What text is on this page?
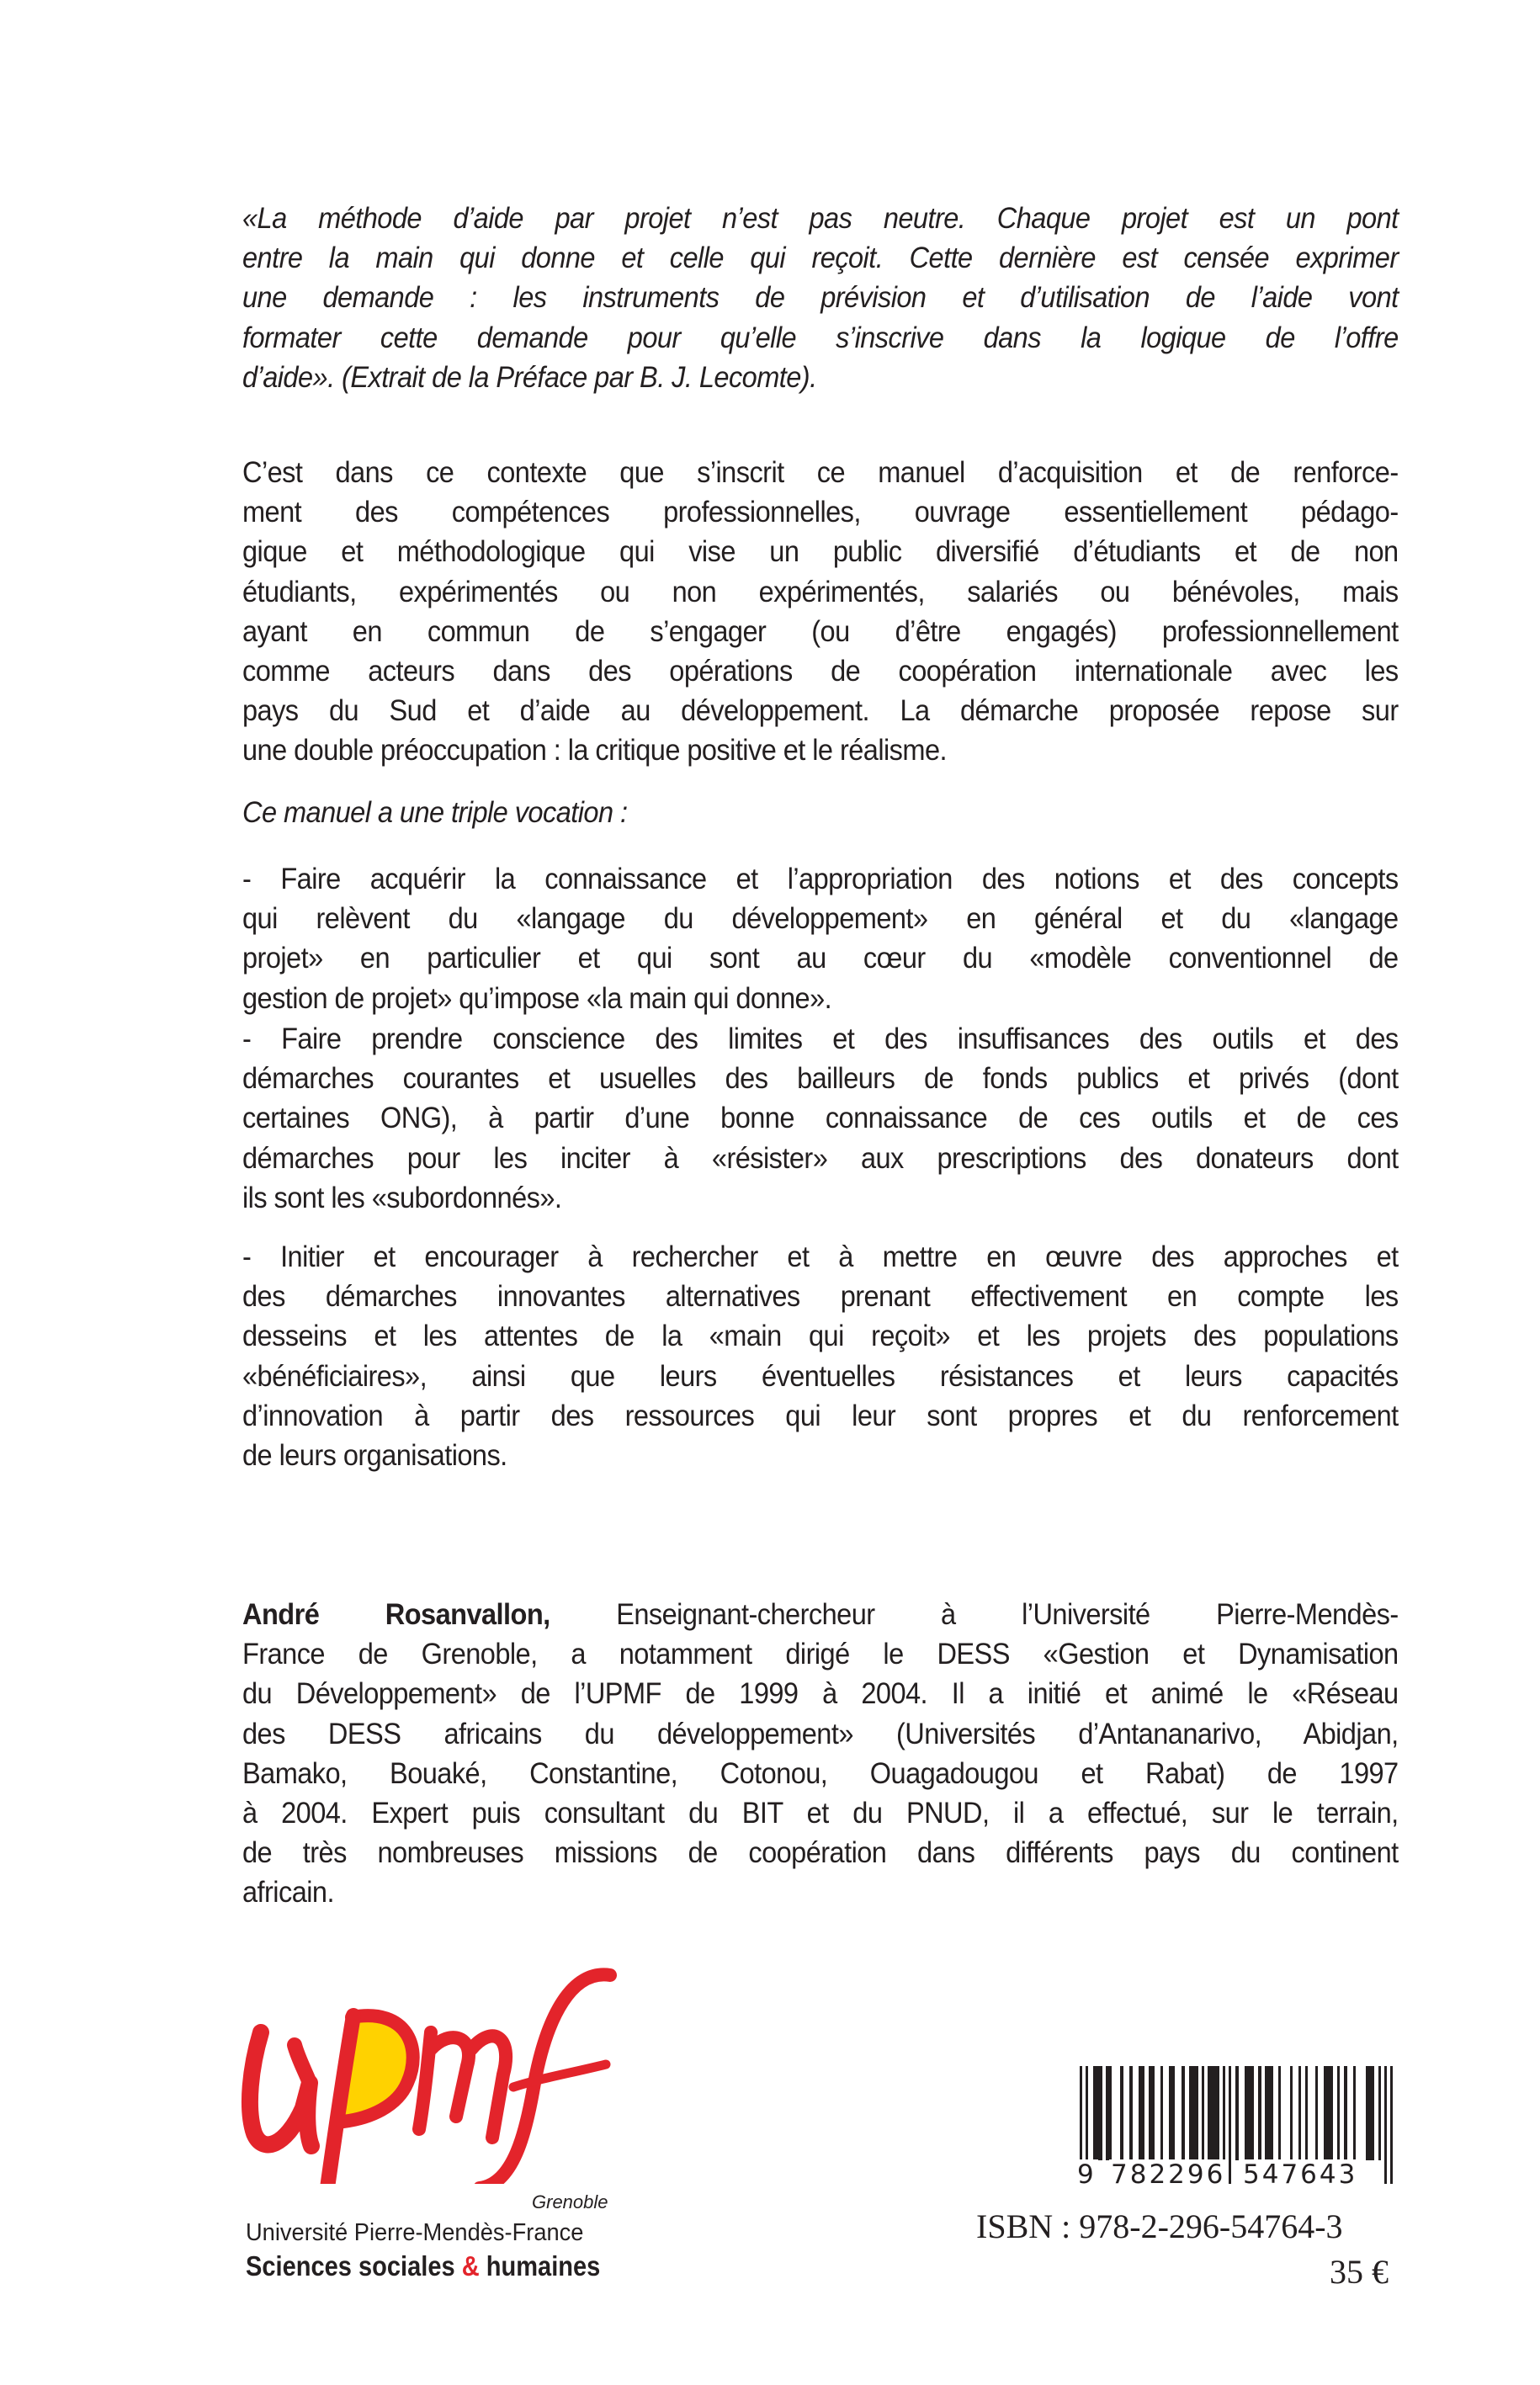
«La méthode d’aide par projet n’est pas neutre. Chaque projet est un pont
entre la main qui donne et celle qui reçoit. Cette dernière est censée exprimer
une demande : les instruments de prévision et d’utilisation de l’aide vont
formater cette demande pour qu’elle s’inscrive dans la logique de l’offre
d’aide». (Extrait de la Préface par B. J. Lecomte).
C’est dans ce contexte que s’inscrit ce manuel d’acquisition et de renforce-
ment des compétences professionnelles, ouvrage essentiellement pédago-
gique et méthodologique qui vise un public diversifié d’étudiants et de non
étudiants, expérimentés ou non expérimentés, salariés ou bénévoles, mais
ayant en commun de s’engager (ou d’être engagés) professionnellement
comme acteurs dans des opérations de coopération internationale avec les
pays du Sud et d’aide au développement. La démarche proposée repose sur
une double préoccupation : la critique positive et le réalisme.
Ce manuel a une triple vocation :
- Faire acquérir la connaissance et l’appropriation des notions et des concepts
qui relèvent du «langage du développement» en général et du «langage
projet» en particulier et qui sont au cœur du «modèle conventionnel de
gestion de projet» qu’impose «la main qui donne».
- Faire prendre conscience des limites et des insuffisances des outils et des
démarches courantes et usuelles des bailleurs de fonds publics et privés (dont
certaines ONG), à partir d’une bonne connaissance de ces outils et de ces
démarches pour les inciter à «résister» aux prescriptions des donateurs dont
ils sont les «subordonnés».
- Initier et encourager à rechercher et à mettre en œuvre des approches et
des démarches innovantes alternatives prenant effectivement en compte les
desseins et les attentes de la «main qui reçoit» et les projets des populations
«bénéficiaires», ainsi que leurs éventuelles résistances et leurs capacités
d’innovation à partir des ressources qui leur sont propres et du renforcement
de leurs organisations.
André Rosanvallon, Enseignant-chercheur à l’Université Pierre-Mendès-
France de Grenoble, a notamment dirigé le DESS «Gestion et Dynamisation
du Développement» de l’UPMF de 1999 à 2004. Il a initié et animé le «Réseau
des DESS africains du développement» (Universités d’Antananarivo, Abidjan,
Bamako, Bouaké, Constantine, Cotonou, Ouagadougou et Rabat) de 1997
à 2004. Expert puis consultant du BIT et du PNUD, il a effectué, sur le terrain,
de très nombreuses missions de coopération dans différents pays du continent
africain.
Grenoble
Université Pierre-Mendès-France
Sciences sociales & humaines
9 782296 547643
ISBN : 978-2-296-54764-3
35 €
